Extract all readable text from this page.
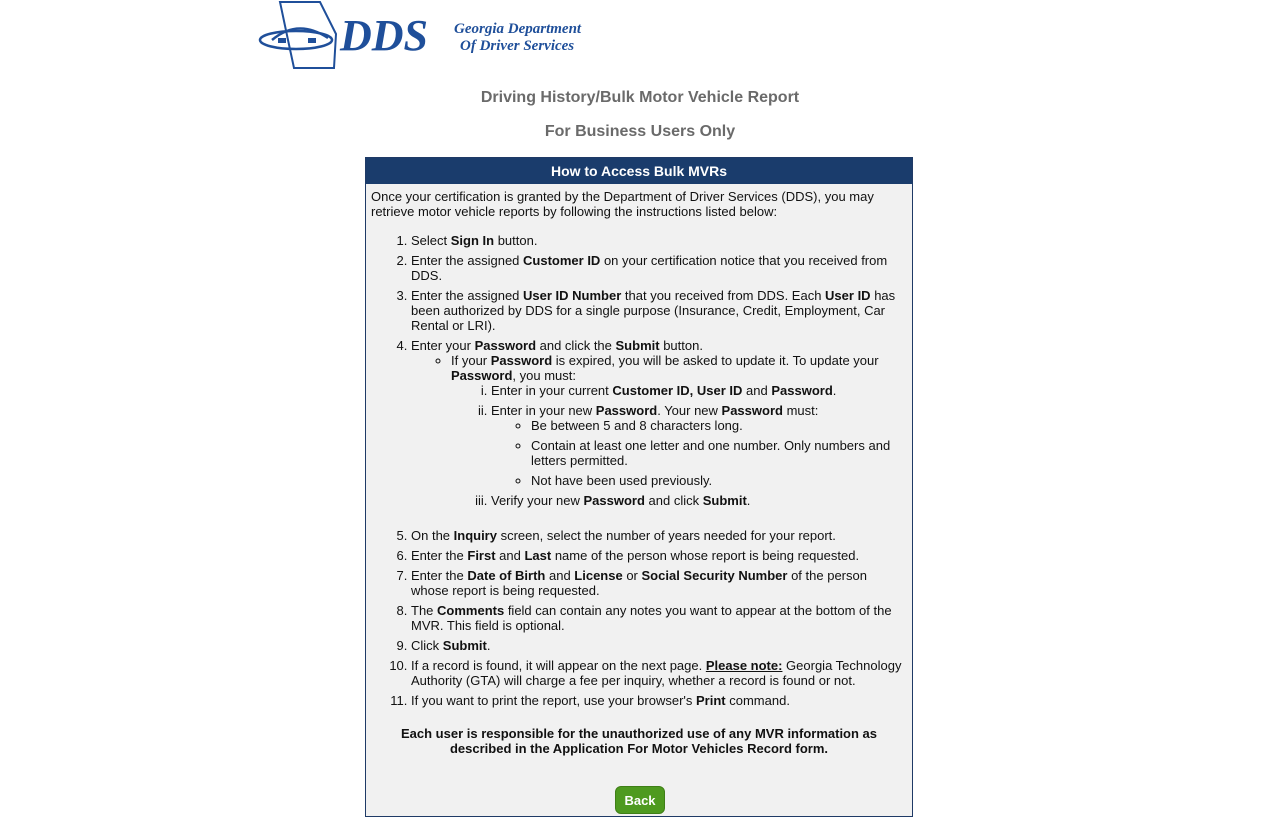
DDS Georgia Department
Of Driver Services
Driving History/Bulk Motor Vehicle Report
For Business Users Only
How to Access Bulk MVRs
Once your certification is granted by the Department of Driver Services (DDS), you may retrieve motor vehicle reports by following the instructions listed below:
1. Select Sign In button.
2. Enter the assigned Customer ID on your certification notice that you received from DDS.
3. Enter the assigned User ID Number that you received from DDS. Each User ID has been authorized by DDS for a single purpose (Insurance, Credit, Employment, Car Rental or LRI).
4. Enter your Password and click the Submit button.
◦ If your Password is expired, you will be asked to update it. To update your Password, you must:
i. Enter in your current Customer ID, User ID and Password.
ii. Enter in your new Password. Your new Password must:
◦ Be between 5 and 8 characters long.
◦ Contain at least one letter and one number. Only numbers and letters permitted.
◦ Not have been used previously.
iii. Verify your new Password and click Submit.
5. On the Inquiry screen, select the number of years needed for your report.
6. Enter the First and Last name of the person whose report is being requested.
7. Enter the Date of Birth and License or Social Security Number of the person whose report is being requested.
8. The Comments field can contain any notes you want to appear at the bottom of the MVR. This field is optional.
9. Click Submit.
10. If a record is found, it will appear on the next page. Please note: Georgia Technology Authority (GTA) will charge a fee per inquiry, whether a record is found or not.
11. If you want to print the report, use your browser's Print command.
Each user is responsible for the unauthorized use of any MVR information as described in the Application For Motor Vehicles Record form.
Back
